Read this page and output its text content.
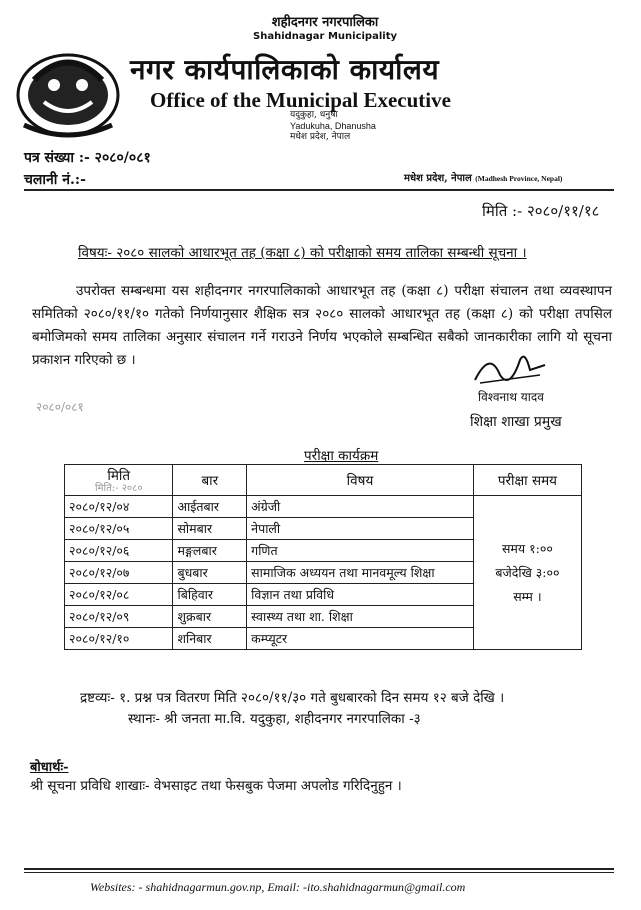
शहीदनगर नगरपालिका
Shahidnagar Municipality
नगर कार्यपालिकाको कार्यालय
Office of the Municipal Executive
यदुकुहा, धनुषा
Yadukuha, Dhanusha
मधेश प्रदेश, नेपाल
पत्र संख्या :- २०८०/०८१
चलानी नं.:-	मधेश प्रदेश, नेपाल (Madhesh Province, Nepal)
मिति :- २०८०/११/१८
विषयः- २०८० सालको आधारभूत तह (कक्षा ८) को परीक्षाको समय तालिका सम्बन्धी सूचना ।
उपरोक्त सम्बन्धमा यस शहीदनगर नगरपालिकाको आधारभूत तह (कक्षा ८) परीक्षा संचालन तथा व्यवस्थापन समितिको २०८०/११/१० गतेको निर्णयानुसार शैक्षिक सत्र २०८० सालको आधारभूत तह (कक्षा ८) को परीक्षा तपसिल बमोजिमको समय तालिका अनुसार संचालन गर्ने गराउने निर्णय भएकोले सम्बन्धित सबैको जानकारीका लागि यो सूचना प्रकाशन गरिएको छ ।
विश्वनाथ यादव
शिक्षा शाखा प्रमुख
२०८०/०८१
परीक्षा कार्यक्रम
मिति
मिति:- २०८०	बार	विषय	परीक्षा समय
२०८०/१२/०४	आईतबार	अंग्रेजी	समय १:००
बजेदेखि ३:००
सम्म ।

२०८०/१२/०५	सोमबार	नेपाली	
२०८०/१२/०६	मङ्गलबार	गणित	
२०८०/१२/०७	बुधबार	सामाजिक अध्ययन तथा मानवमूल्य शिक्षा	
२०८०/१२/०८	बिहिवार	विज्ञान तथा प्रविधि	
२०८०/१२/०९	शुक्रबार	स्वास्थ्य तथा शा. शिक्षा	
२०८०/१२/१०	शनिबार	कम्प्यूटर	
द्रष्टव्यः- १. प्रश्न पत्र वितरण मिति २०८०/११/३० गते बुधबारको दिन समय १२ बजे देखि ।
स्थानः- श्री जनता मा.वि. यदुकुहा, शहीदनगर नगरपालिका -३
बोधार्थः-
श्री सूचना प्रविधि शाखाः- वेभसाइट तथा फेसबुक पेजमा अपलोड गरिदिनुहुन ।
Websites: - shahidnagarmun.gov.np, Email: -ito.shahidnagarmun@gmail.com
